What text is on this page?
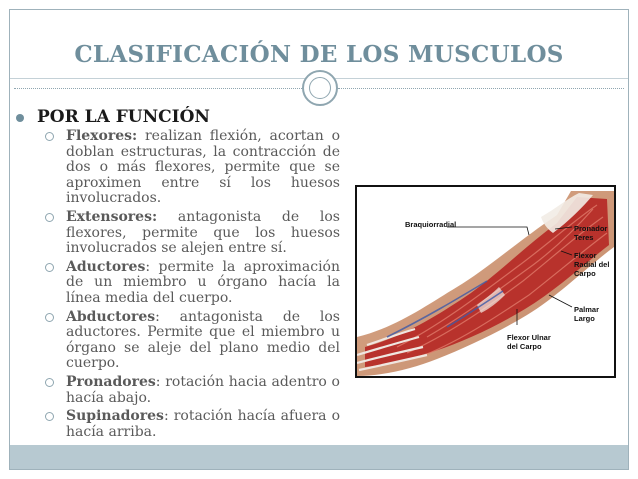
CLASIFICACIÓN DE LOS MUSCULOS
POR LA FUNCIÓN
Flexores: realizan flexión, acortan o doblan estructuras, la contracción de dos o más flexores, permite que se aproximen entre sí los huesos involucrados.
Extensores: antagonista de los flexores, permite que los huesos involucrados se alejen entre sí.
Aductores: permite la aproximación de un miembro u órgano hacía la línea media del cuerpo.
Abductores: antagonista de los aductores. Permite que el miembro u órgano se aleje del plano medio del cuerpo.
Pronadores: rotación hacia adentro o hacía abajo.
Supinadores: rotación hacía afuera o hacía arriba.
Braquiorradial	Pronador Teres
Flexor Radial del Carpo
Palmar Largo
Flexor Ulnar del Carpo
